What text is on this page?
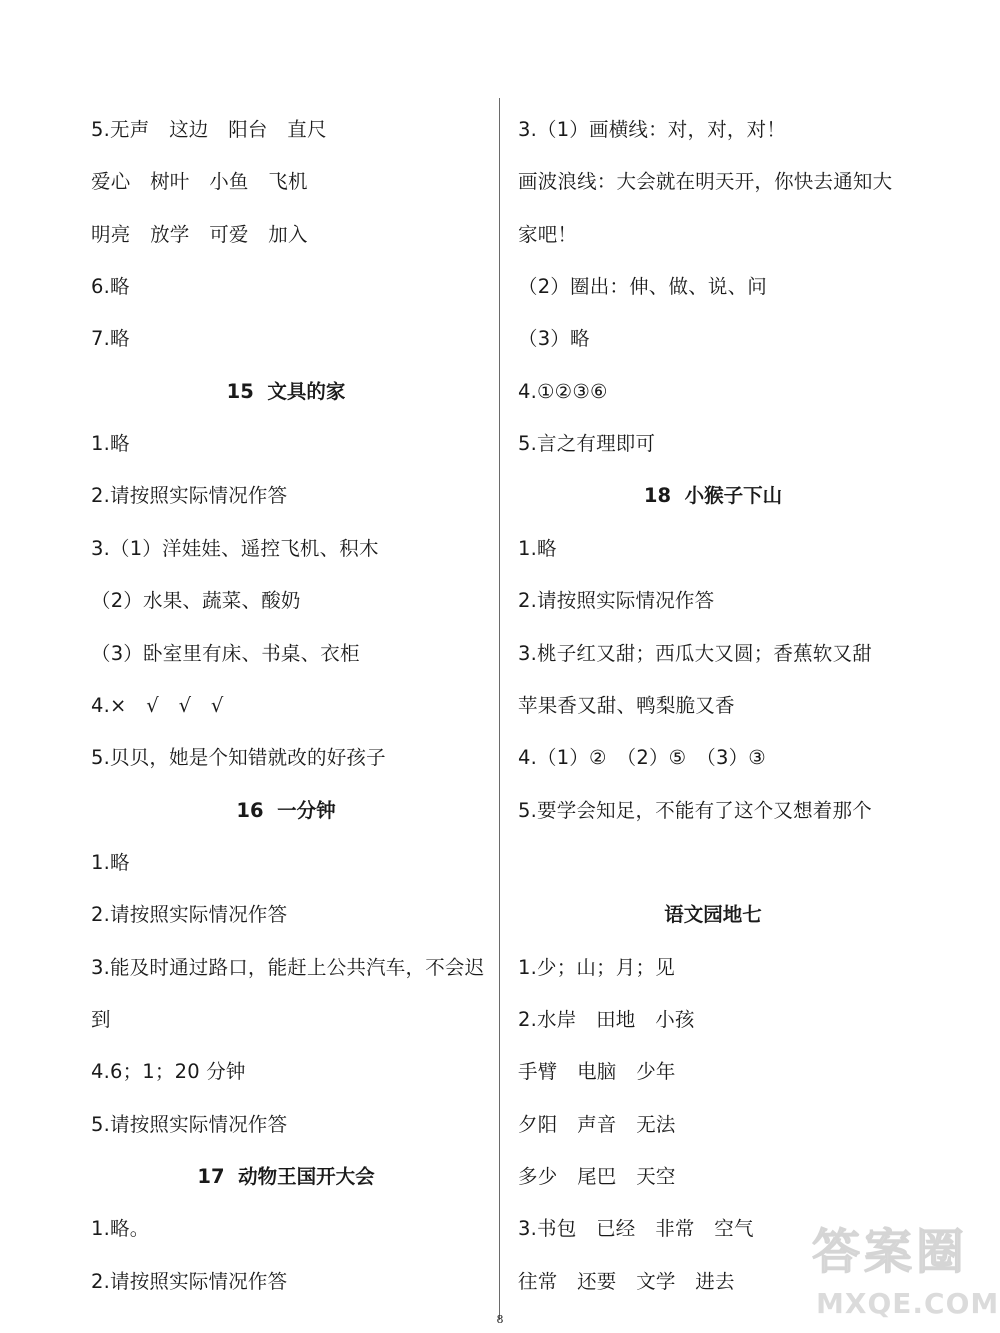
5.无声　这边　阳台　直尺
爱心　树叶　小鱼　飞机
明亮　放学　可爱　加入
6.略
7.略
15  文具的家
1.略
2.请按照实际情况作答
3.（1）洋娃娃、遥控飞机、积木
（2）水果、蔬菜、酸奶
（3）卧室里有床、书桌、衣柜
4.×　√　√　√
5.贝贝，她是个知错就改的好孩子
16  一分钟
1.略
2.请按照实际情况作答
3.能及时通过路口，能赶上公共汽车，不会迟
到
4.6；1；20 分钟
5.请按照实际情况作答
17  动物王国开大会
1.略。
2.请按照实际情况作答
3.（1）画横线：对，对，对！
画波浪线：大会就在明天开，你快去通知大
家吧！
（2）圈出：伸、做、说、问
（3）略
4.①②③⑥
5.言之有理即可
18  小猴子下山
1.略
2.请按照实际情况作答
3.桃子红又甜；西瓜大又圆；香蕉软又甜
苹果香又甜、鸭梨脆又香
4.（1）②　（2）⑤　（3）③
5.要学会知足，不能有了这个又想着那个
语文园地七
1.少；山；月；见
2.水岸　田地　小孩
手臂　电脑　少年
夕阳　声音　无法
多少　尾巴　天空
3.书包　已经　非常　空气
往常　还要　文学　进去
8
答案圈
MXQE.COM
